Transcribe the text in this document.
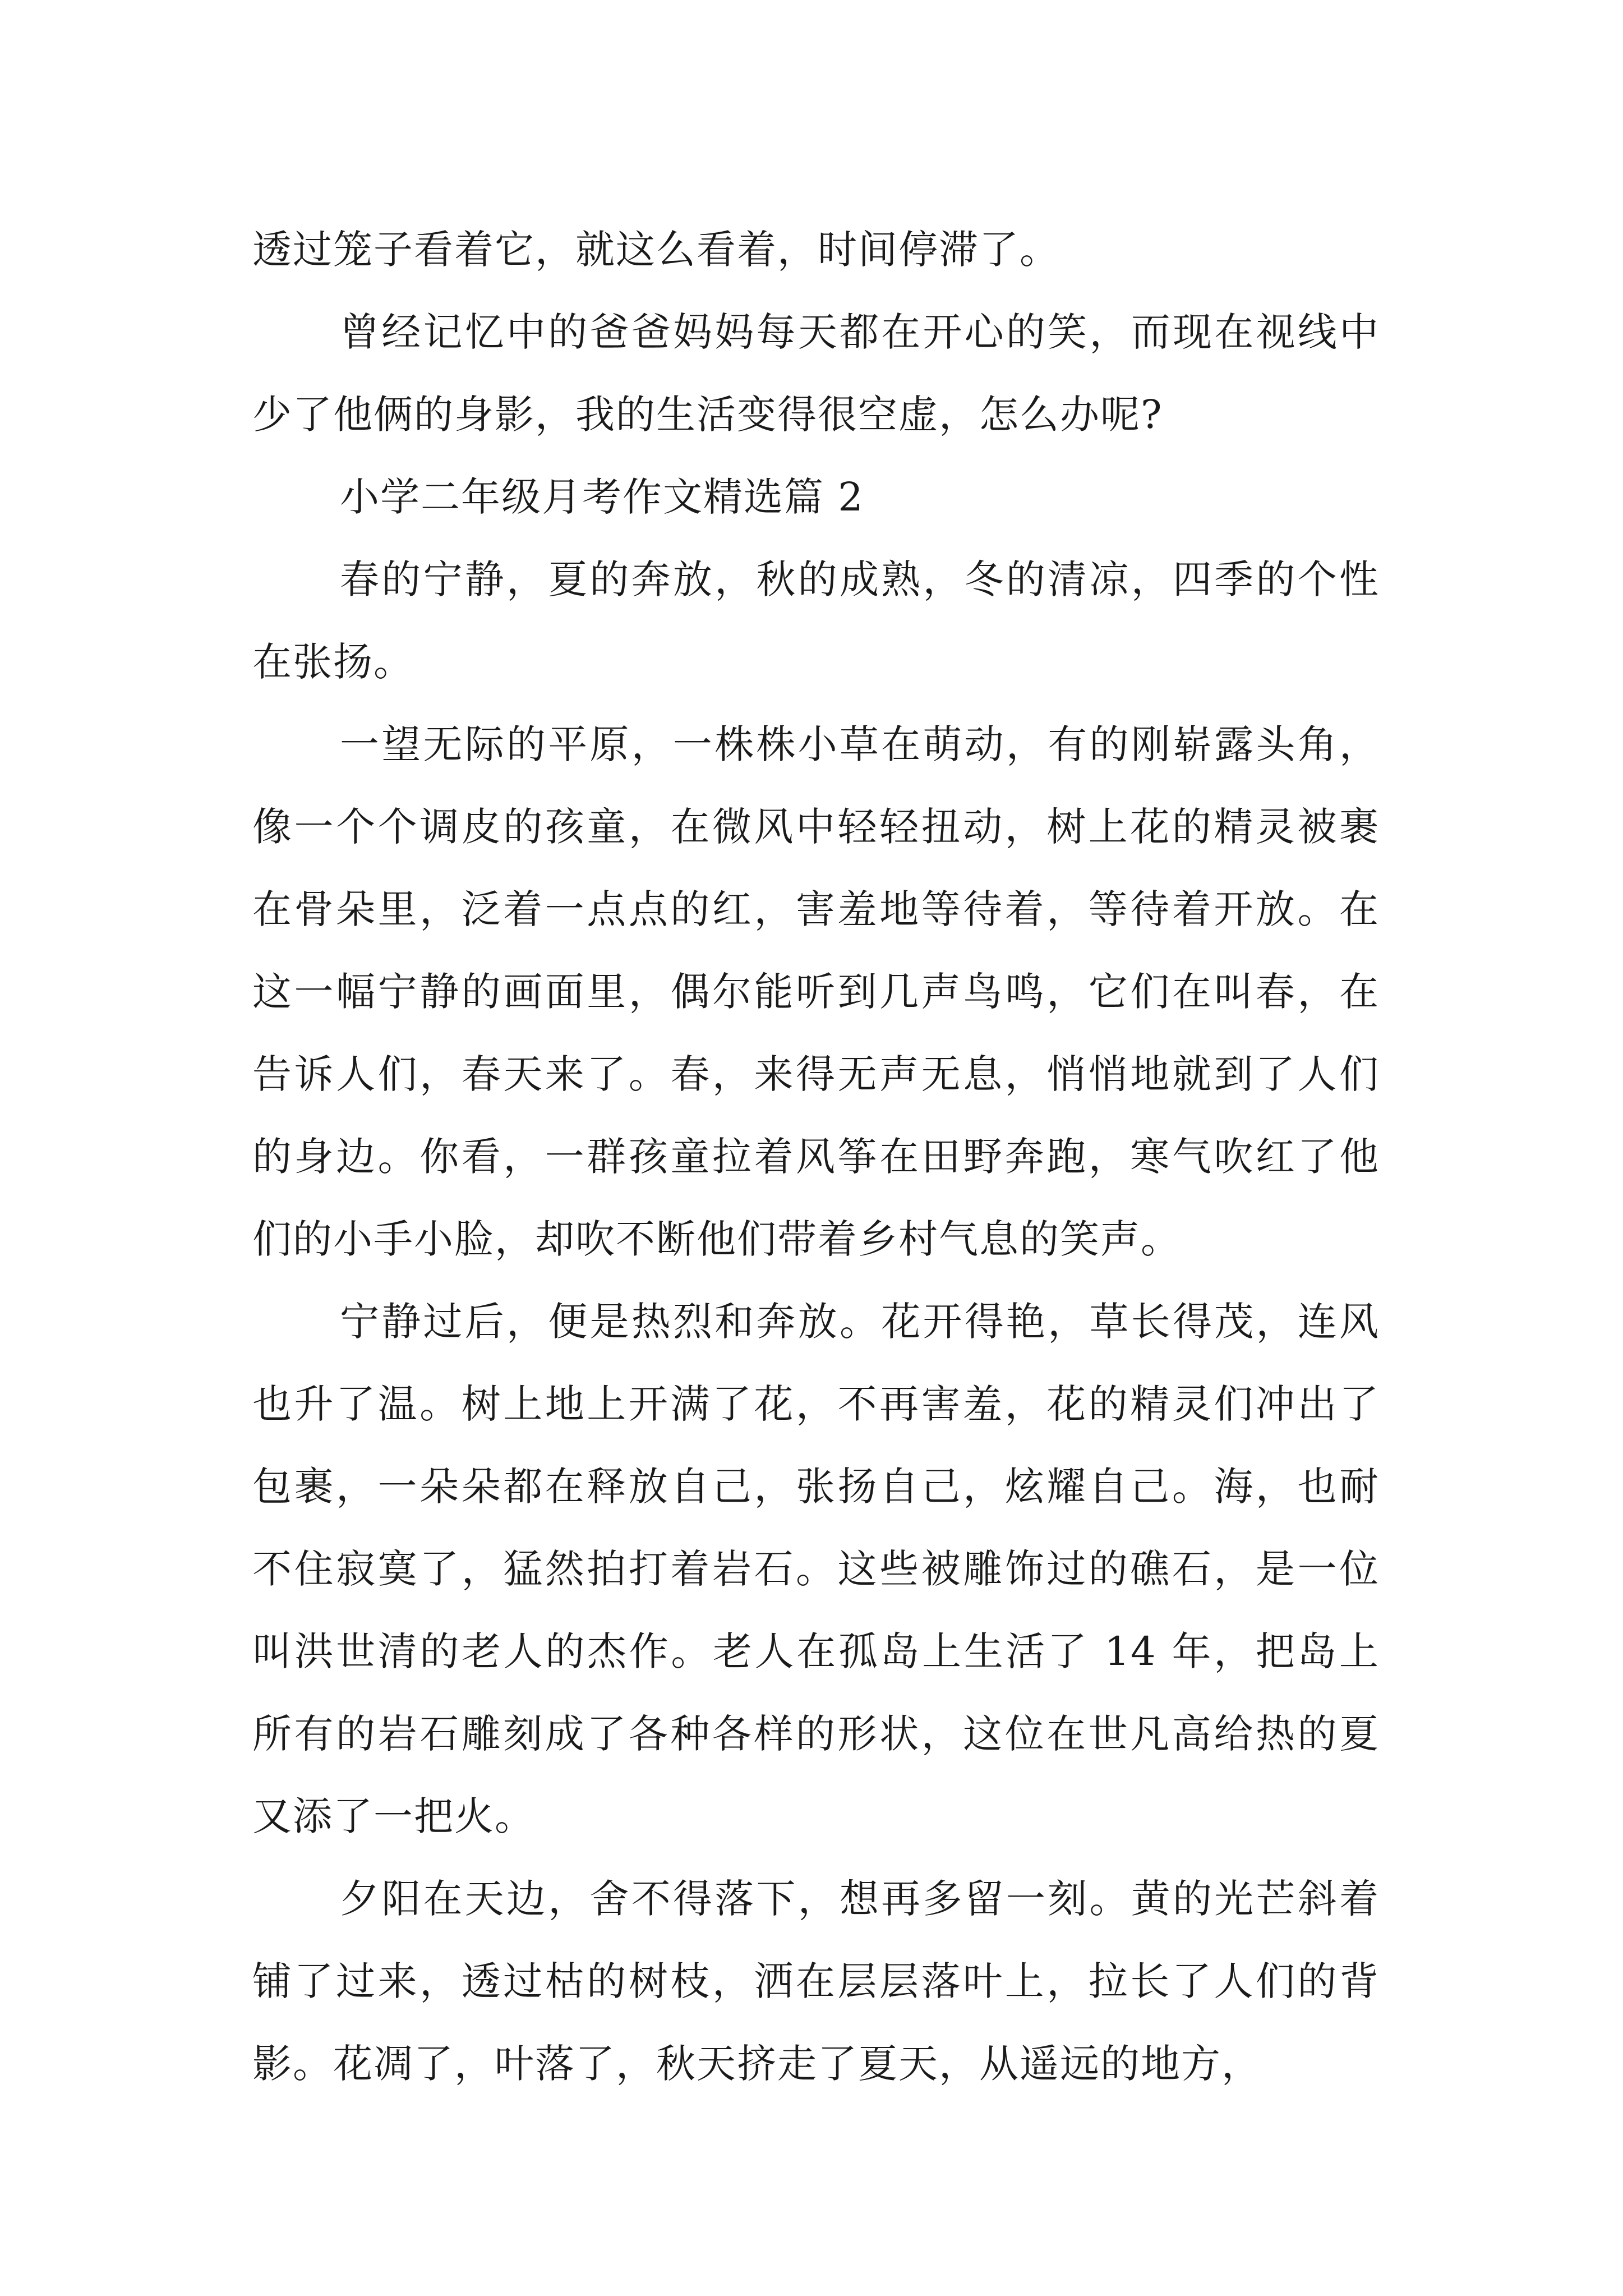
透过笼子看着它，就这么看着，时间停滞了。

曾经记忆中的爸爸妈妈每天都在开心的笑，而现在视线中少了他俩的身影，我的生活变得很空虚，怎么办呢?

小学二年级月考作文精选篇 2

春的宁静，夏的奔放，秋的成熟，冬的清凉，四季的个性在张扬。

一望无际的平原，一株株小草在萌动，有的刚崭露头角，像一个个调皮的孩童，在微风中轻轻扭动，树上花的精灵被裹在骨朵里，泛着一点点的红，害羞地等待着，等待着开放。在这一幅宁静的画面里，偶尔能听到几声鸟鸣，它们在叫春，在告诉人们，春天来了。春，来得无声无息，悄悄地就到了人们的身边。你看，一群孩童拉着风筝在田野奔跑，寒气吹红了他们的小手小脸，却吹不断他们带着乡村气息的笑声。

宁静过后，便是热烈和奔放。花开得艳，草长得茂，连风也升了温。树上地上开满了花，不再害羞，花的精灵们冲出了包裹，一朵朵都在释放自己，张扬自己，炫耀自己。海，也耐不住寂寞了，猛然拍打着岩石。这些被雕饰过的礁石，是一位叫洪世清的老人的杰作。老人在孤岛上生活了 14 年，把岛上所有的岩石雕刻成了各种各样的形状，这位在世凡高给热的夏又添了一把火。

夕阳在天边，舍不得落下，想再多留一刻。黄的光芒斜着铺了过来，透过枯的树枝，洒在层层落叶上，拉长了人们的背影。花凋了，叶落了，秋天挤走了夏天，从遥远的地方，
